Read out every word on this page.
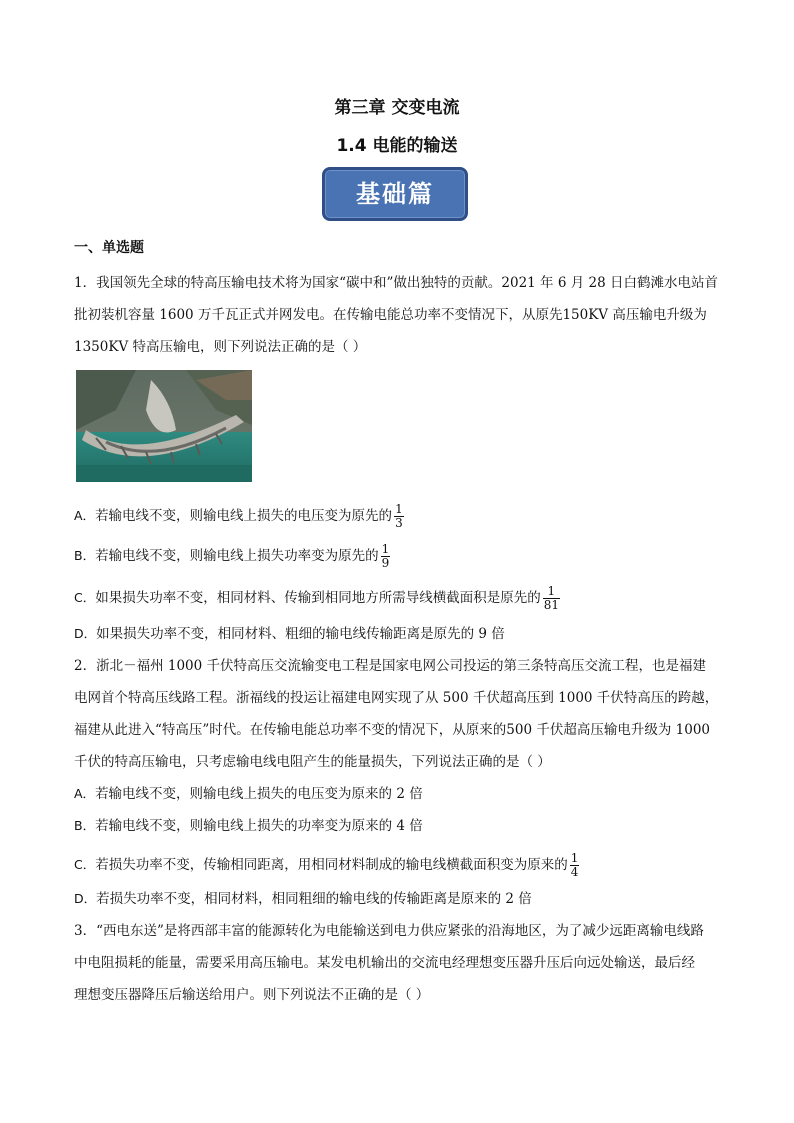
第三章 交变电流
1.4 电能的输送
基础篇
一、单选题
1．我国领先全球的特高压输电技术将为国家“碳中和”做出独特的贡献。2021 年 6 月 28 日白鹤滩水电站首
批初装机容量 1600 万千瓦正式并网发电。在传输电能总功率不变情况下，从原先150KV 高压输电升级为
1350KV 特高压输电，则下列说法正确的是（ ）
A．若输电线不变，则输电线上损失的电压变为原先的 $\frac{1}{3}$
B．若输电线不变，则输电线上损失功率变为原先的 $\frac{1}{9}$
C．如果损失功率不变，相同材料、传输到相同地方所需导线横截面积是原先的 $\frac{1}{81}$
D．如果损失功率不变，相同材料、粗细的输电线传输距离是原先的 9 倍
2．浙北－福州 1000 千伏特高压交流输变电工程是国家电网公司投运的第三条特高压交流工程，也是福建
电网首个特高压线路工程。浙福线的投运让福建电网实现了从 500 千伏超高压到 1000 千伏特高压的跨越，
福建从此进入“特高压”时代。在传输电能总功率不变的情况下，从原来的500 千伏超高压输电升级为 1000
千伏的特高压输电，只考虑输电线电阻产生的能量损失，下列说法正确的是（ ）
A．若输电线不变，则输电线上损失的电压变为原来的 2 倍
B．若输电线不变，则输电线上损失的功率变为原来的 4 倍
C．若损失功率不变，传输相同距离，用相同材料制成的输电线横截面积变为原来的 $\frac{1}{4}$
D．若损失功率不变，相同材料，相同粗细的输电线的传输距离是原来的 2 倍
3．“西电东送”是将西部丰富的能源转化为电能输送到电力供应紧张的沿海地区，为了减少远距离输电线路
中电阻损耗的能量，需要采用高压输电。某发电机输出的交流电经理想变压器升压后向远处输送，最后经
理想变压器降压后输送给用户。则下列说法不正确的是（ ）
